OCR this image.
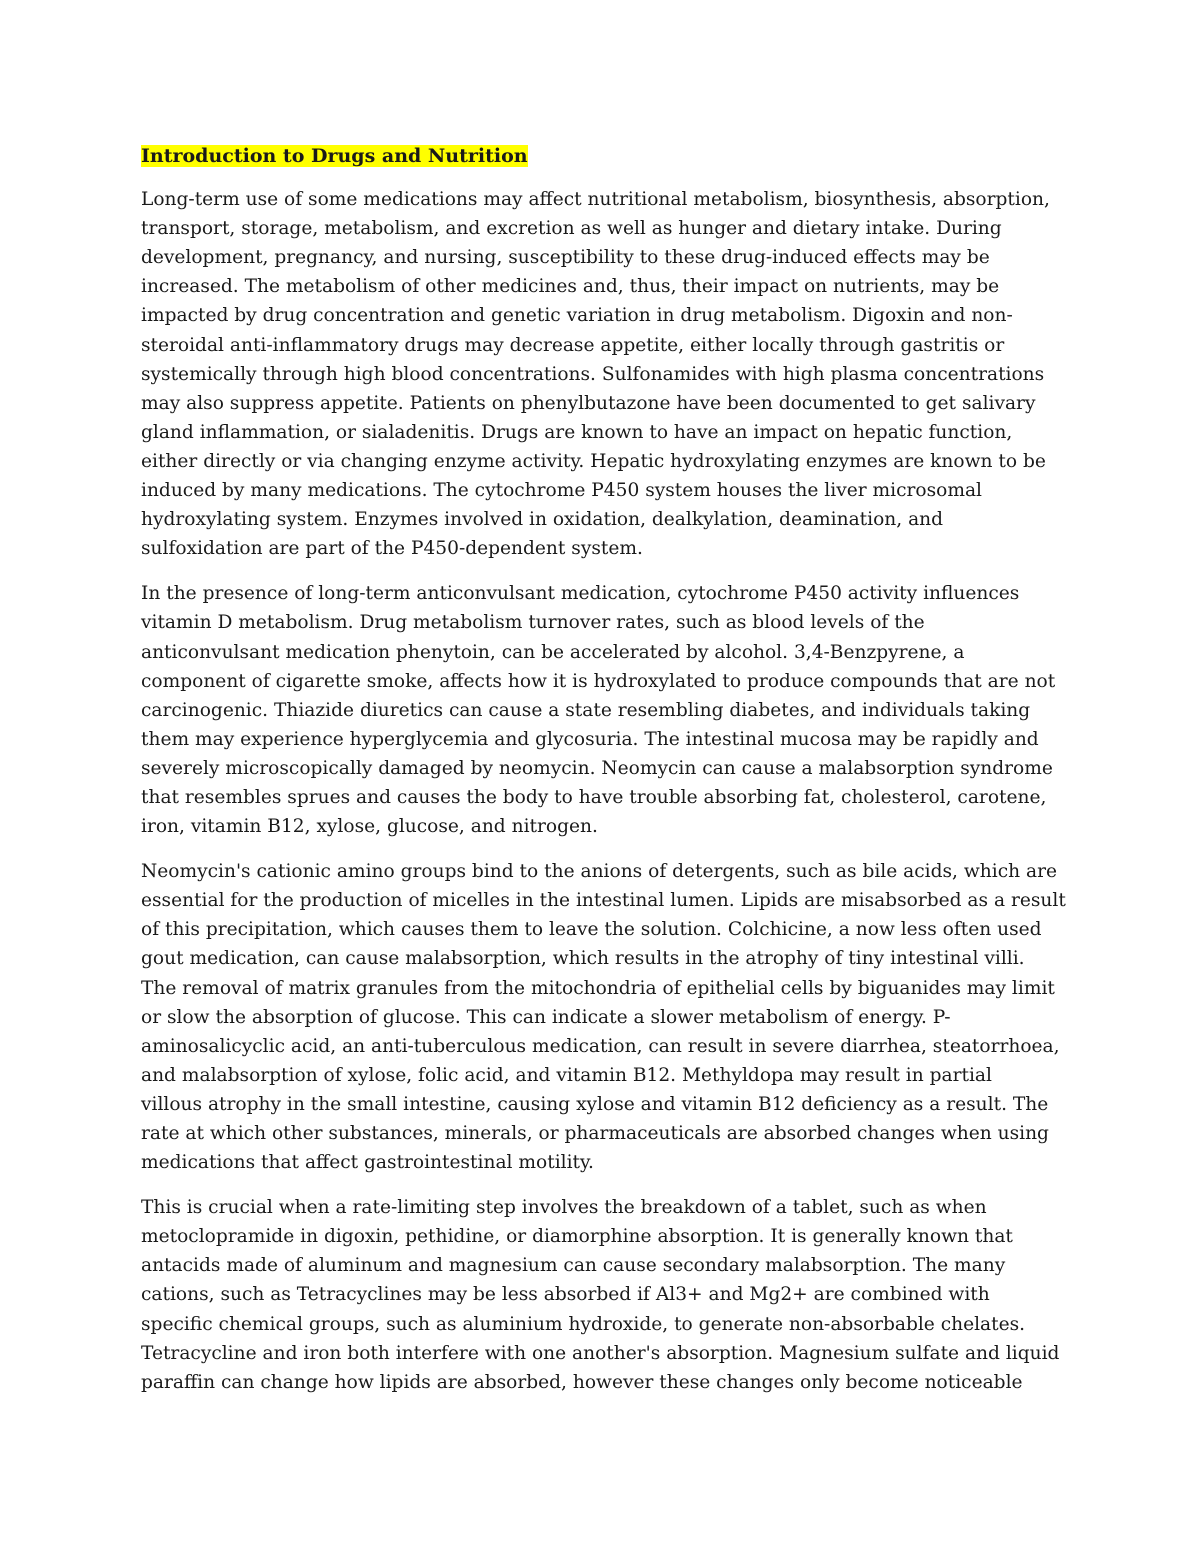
Introduction to Drugs and Nutrition

Long-term use of some medications may affect nutritional metabolism, biosynthesis, absorption,
transport, storage, metabolism, and excretion as well as hunger and dietary intake. During
development, pregnancy, and nursing, susceptibility to these drug-induced effects may be
increased. The metabolism of other medicines and, thus, their impact on nutrients, may be
impacted by drug concentration and genetic variation in drug metabolism. Digoxin and non-
steroidal anti-inflammatory drugs may decrease appetite, either locally through gastritis or
systemically through high blood concentrations. Sulfonamides with high plasma concentrations
may also suppress appetite. Patients on phenylbutazone have been documented to get salivary
gland inflammation, or sialadenitis. Drugs are known to have an impact on hepatic function,
either directly or via changing enzyme activity. Hepatic hydroxylating enzymes are known to be
induced by many medications. The cytochrome P450 system houses the liver microsomal
hydroxylating system. Enzymes involved in oxidation, dealkylation, deamination, and
sulfoxidation are part of the P450-dependent system.

In the presence of long-term anticonvulsant medication, cytochrome P450 activity influences
vitamin D metabolism. Drug metabolism turnover rates, such as blood levels of the
anticonvulsant medication phenytoin, can be accelerated by alcohol. 3,4-Benzpyrene, a
component of cigarette smoke, affects how it is hydroxylated to produce compounds that are not
carcinogenic. Thiazide diuretics can cause a state resembling diabetes, and individuals taking
them may experience hyperglycemia and glycosuria. The intestinal mucosa may be rapidly and
severely microscopically damaged by neomycin. Neomycin can cause a malabsorption syndrome
that resembles sprues and causes the body to have trouble absorbing fat, cholesterol, carotene,
iron, vitamin B12, xylose, glucose, and nitrogen.

Neomycin's cationic amino groups bind to the anions of detergents, such as bile acids, which are
essential for the production of micelles in the intestinal lumen. Lipids are misabsorbed as a result
of this precipitation, which causes them to leave the solution. Colchicine, a now less often used
gout medication, can cause malabsorption, which results in the atrophy of tiny intestinal villi.
The removal of matrix granules from the mitochondria of epithelial cells by biguanides may limit
or slow the absorption of glucose. This can indicate a slower metabolism of energy. P-
aminosalicyclic acid, an anti-tuberculous medication, can result in severe diarrhea, steatorrhoea,
and malabsorption of xylose, folic acid, and vitamin B12. Methyldopa may result in partial
villous atrophy in the small intestine, causing xylose and vitamin B12 deficiency as a result. The
rate at which other substances, minerals, or pharmaceuticals are absorbed changes when using
medications that affect gastrointestinal motility.

This is crucial when a rate-limiting step involves the breakdown of a tablet, such as when
metoclopramide in digoxin, pethidine, or diamorphine absorption. It is generally known that
antacids made of aluminum and magnesium can cause secondary malabsorption. The many
cations, such as Tetracyclines may be less absorbed if Al3+ and Mg2+ are combined with
specific chemical groups, such as aluminium hydroxide, to generate non-absorbable chelates.
Tetracycline and iron both interfere with one another's absorption. Magnesium sulfate and liquid
paraffin can change how lipids are absorbed, however these changes only become noticeable
